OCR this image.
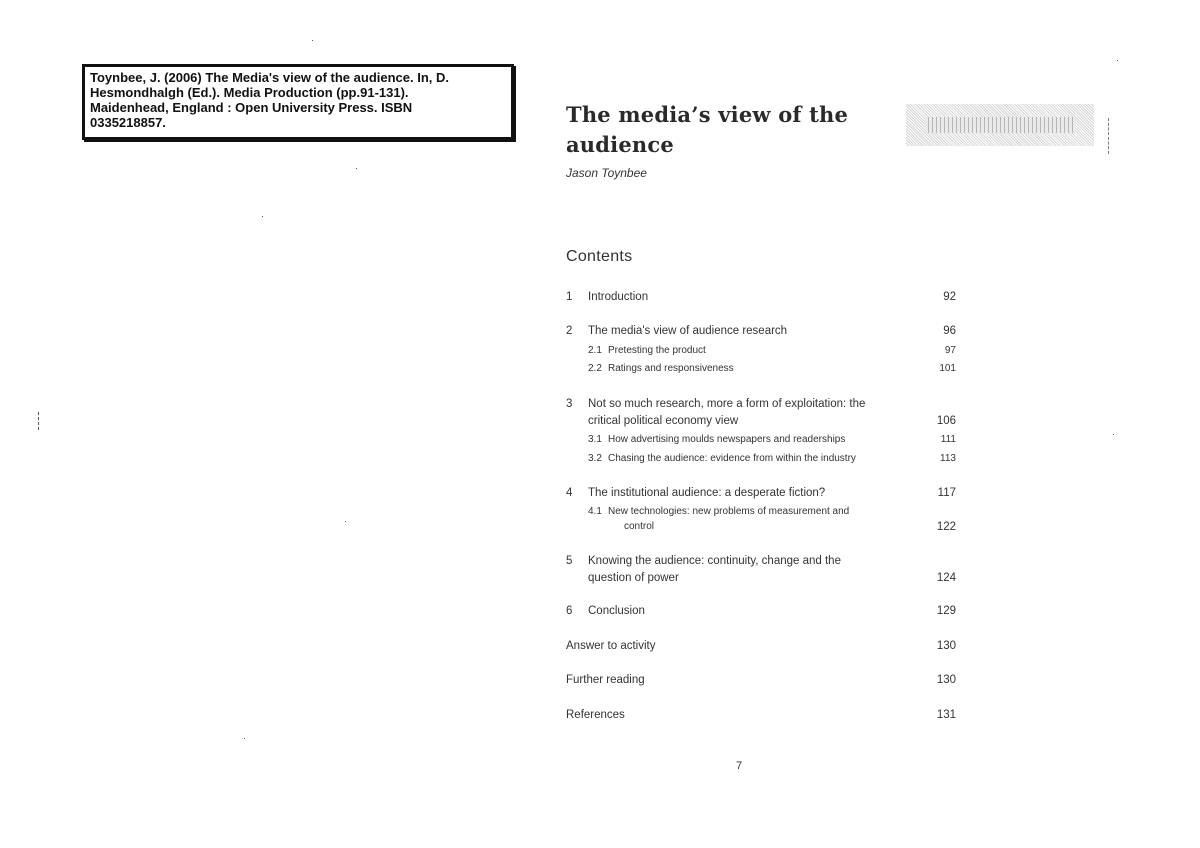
Toynbee, J. (2006) The Media's view of the audience. In, D.
Hesmondhalgh (Ed.). Media Production (pp.91-131).
Maidenhead, England : Open University Press. ISBN
0335218857.	The media’s view of the
audience
Jason Toynbee
Contents
1 Introduction	92
2 The media's view of audience research	96
2.1 Pretesting the product	97
2.2 Ratings and responsiveness	101
3 Not so much research, more a form of exploitation: the
critical political economy view	106
3.1 How advertising moulds newspapers and readerships	111
3.2 Chasing the audience: evidence from within the industry	113
4 The institutional audience: a desperate fiction?	117
4.1 New technologies: new problems of measurement and
control	122
5 Knowing the audience: continuity, change and the
question of power	124
6 Conclusion	129
Answer to activity	130
Further reading	130
References	131
7
